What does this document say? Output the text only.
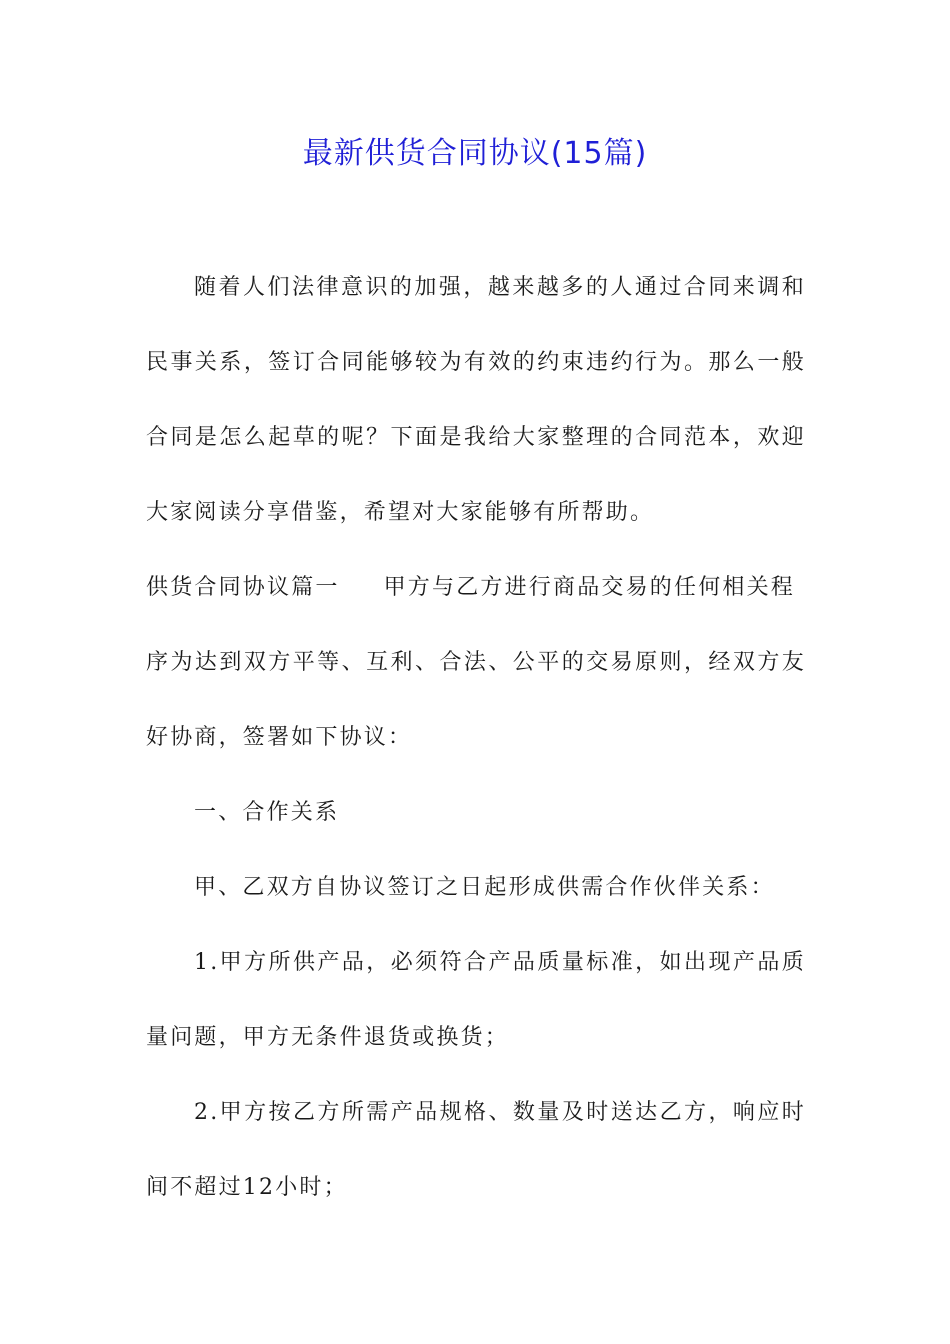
最新供货合同协议(15篇)
随着人们法律意识的加强，越来越多的人通过合同来调和
民事关系，签订合同能够较为有效的约束违约行为。那么一般
合同是怎么起草的呢？下面是我给大家整理的合同范本，欢迎
大家阅读分享借鉴，希望对大家能够有所帮助。
供货合同协议篇一 甲方与乙方进行商品交易的任何相关程
序为达到双方平等、互利、合法、公平的交易原则，经双方友
好协商，签署如下协议：
一、合作关系
甲、乙双方自协议签订之日起形成供需合作伙伴关系：
1.甲方所供产品，必须符合产品质量标准，如出现产品质
量问题，甲方无条件退货或换货；
2.甲方按乙方所需产品规格、数量及时送达乙方，响应时
间不超过12小时；
